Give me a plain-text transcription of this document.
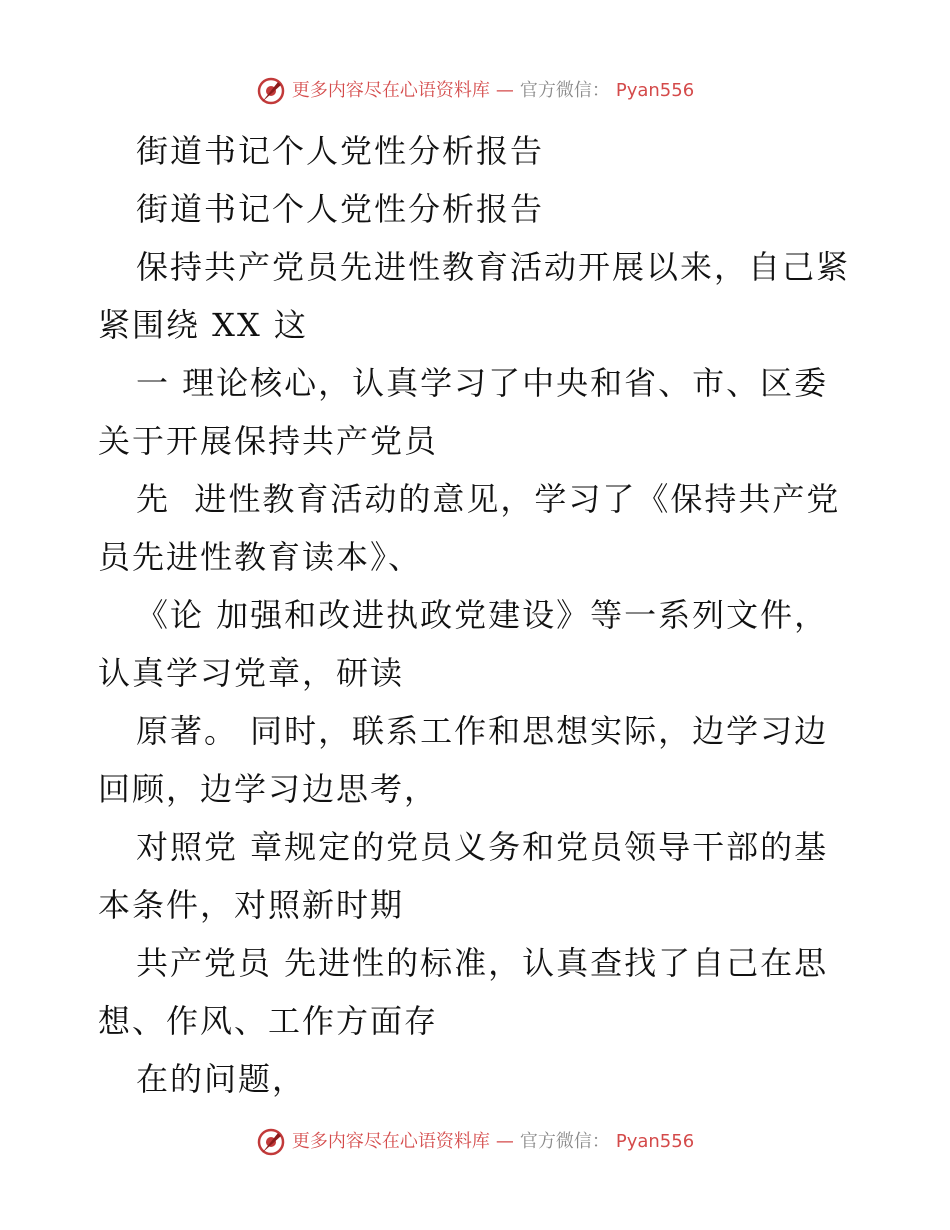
更多内容尽在心语资料库 — 官方微信： Pyan556
街道书记个人党性分析报告
街道书记个人党性分析报告
保持共产党员先进性教育活动开展以来，自己紧
紧围绕 XX 这
一 理论核心，认真学习了中央和省、市、区委
关于开展保持共产党员
先  进性教育活动的意见，学习了《保持共产党
员先进性教育读本》、
《论 加强和改进执政党建设》等一系列文件，
认真学习党章，研读
原著。 同时，联系工作和思想实际，边学习边
回顾，边学习边思考，
对照党 章规定的党员义务和党员领导干部的基
本条件，对照新时期
共产党员 先进性的标准，认真查找了自己在思
想、作风、工作方面存
在的问题，
更多内容尽在心语资料库 — 官方微信： Pyan556
